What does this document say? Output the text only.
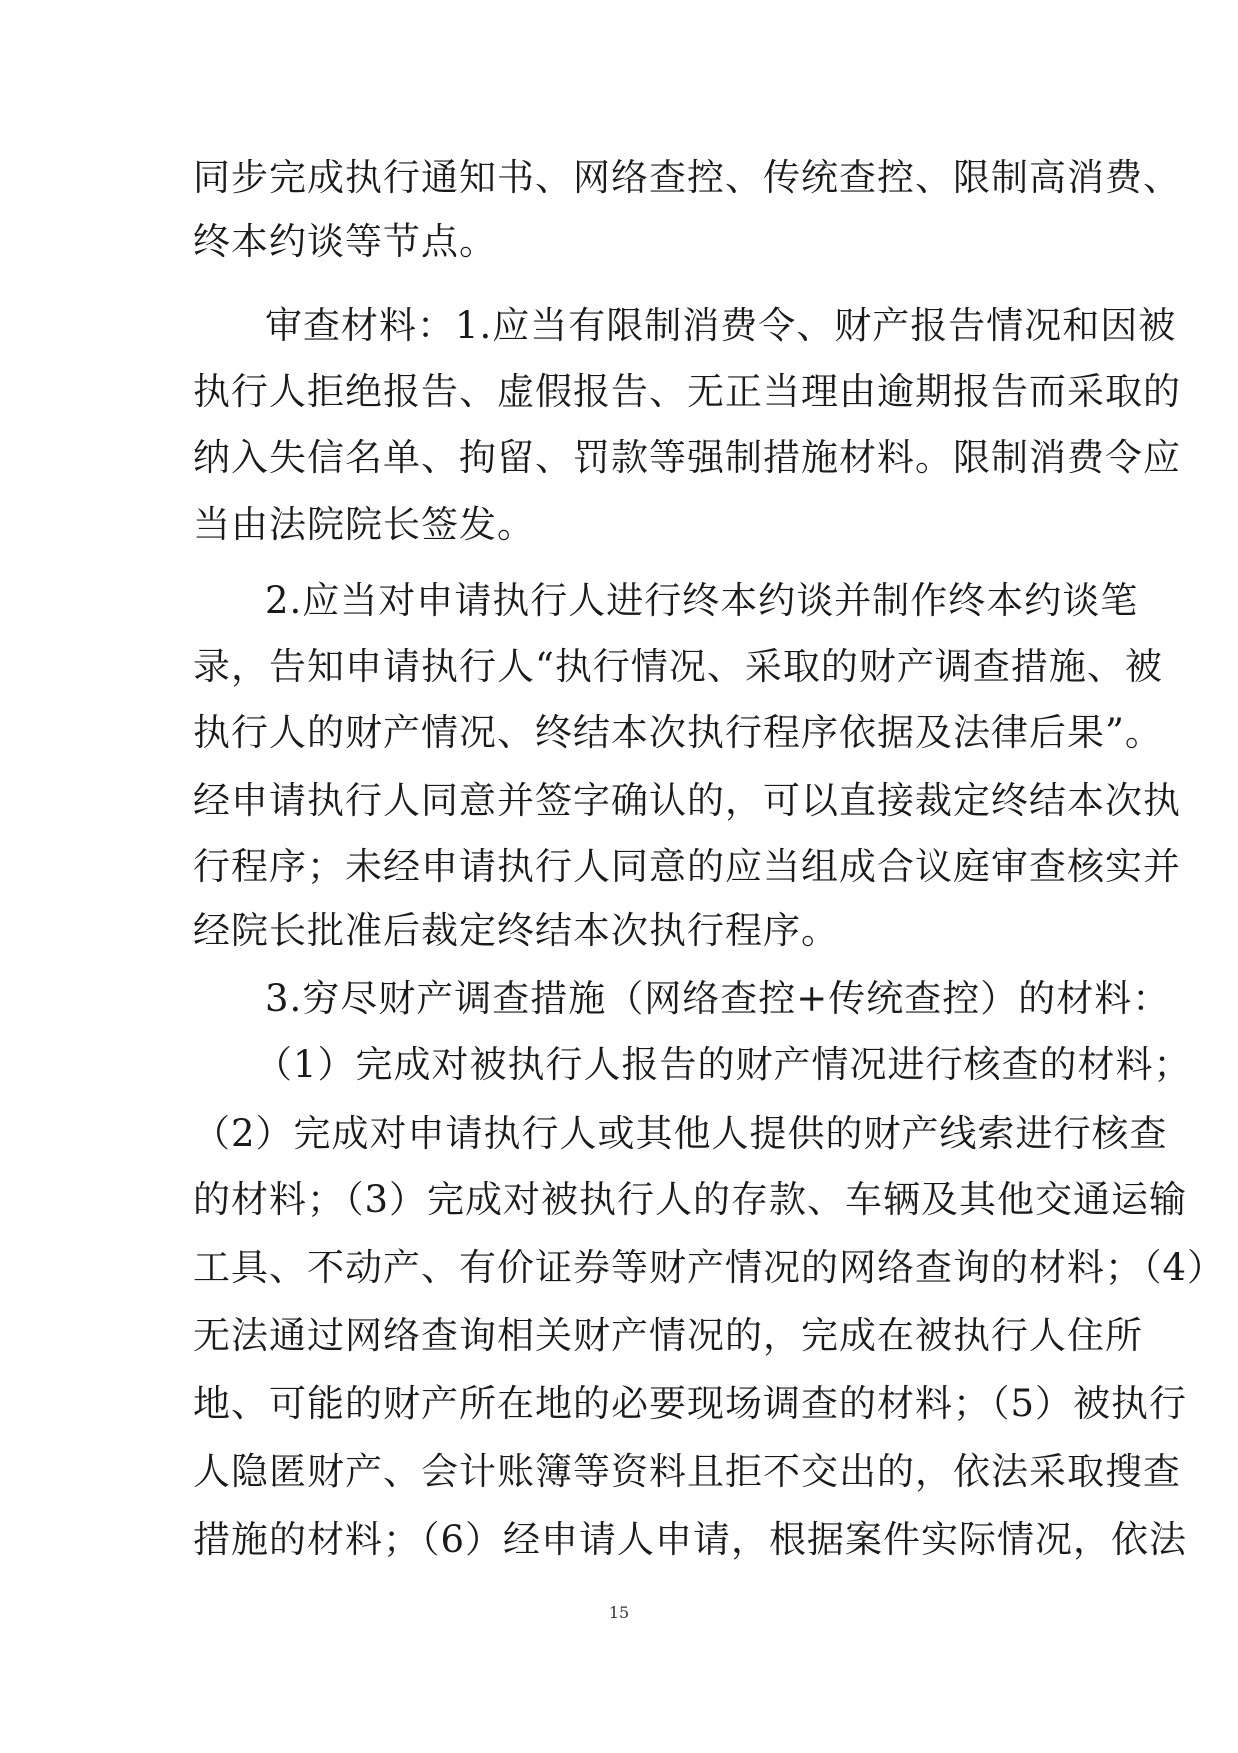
同步完成执行通知书、网络查控、传统查控、限制高消费、
终本约谈等节点。
审查材料：1.应当有限制消费令、财产报告情况和因被
执行人拒绝报告、虚假报告、无正当理由逾期报告而采取的
纳入失信名单、拘留、罚款等强制措施材料。限制消费令应
当由法院院长签发。
2.应当对申请执行人进行终本约谈并制作终本约谈笔
录，告知申请执行人“执行情况、采取的财产调查措施、被
执行人的财产情况、终结本次执行程序依据及法律后果”。
经申请执行人同意并签字确认的，可以直接裁定终结本次执
行程序；未经申请执行人同意的应当组成合议庭审查核实并
经院长批准后裁定终结本次执行程序。
3.穷尽财产调查措施（网络查控+传统查控）的材料：
（1）完成对被执行人报告的财产情况进行核查的材料；
（2）完成对申请执行人或其他人提供的财产线索进行核查
的材料；（3）完成对被执行人的存款、车辆及其他交通运输
工具、不动产、有价证券等财产情况的网络查询的材料；（4）
无法通过网络查询相关财产情况的，完成在被执行人住所
地、可能的财产所在地的必要现场调查的材料；（5）被执行
人隐匿财产、会计账簿等资料且拒不交出的，依法采取搜查
措施的材料；（6）经申请人申请，根据案件实际情况，依法
15
